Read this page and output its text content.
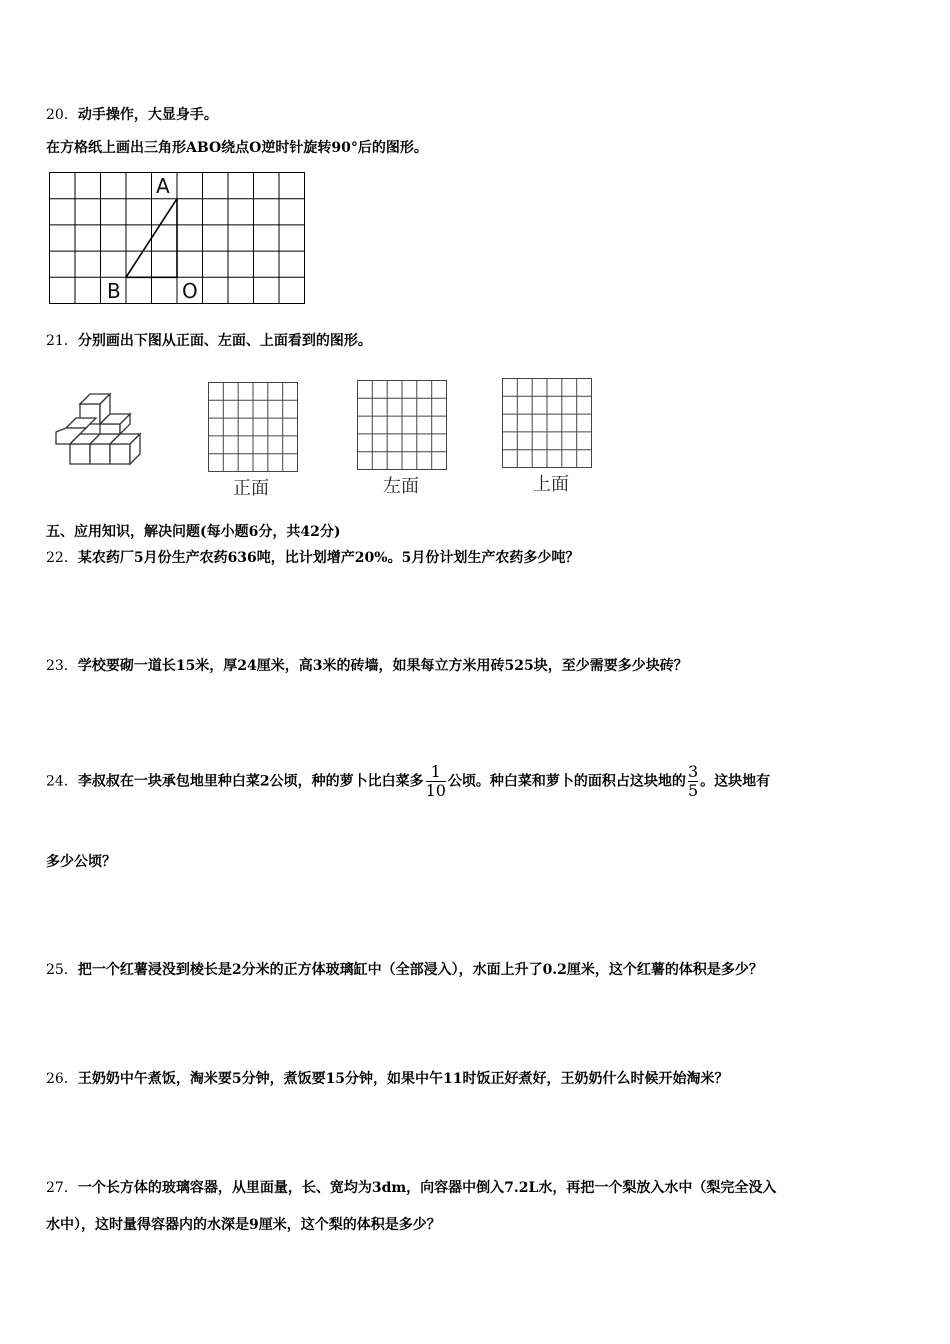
20．动手操作，大显身手。
在方格纸上画出三角形ABO绕点O逆时针旋转90°后的图形。
A
B	O
21．分别画出下图从正面、左面、上面看到的图形。
正面	左面	上面
五、应用知识，解决问题(每小题6分，共42分)
22．某农药厂5月份生产农药636吨，比计划增产20%。5月份计划生产农药多少吨？
23．学校要砌一道长15米，厚24厘米，高3米的砖墙，如果每立方米用砖525块，至少需要多少块砖？
24．李叔叔在一块承包地里种白菜2公顷，种的萝卜比白菜多 $\frac{1}{10}$ 公顷。种白菜和萝卜的面积占这块地的 $\frac{3}{5}$ 。这块地有
多少公顷？
25．把一个红薯浸没到棱长是2分米的正方体玻璃缸中（全部浸入），水面上升了0.2厘米，这个红薯的体积是多少？
26．王奶奶中午煮饭，淘米要5分钟，煮饭要15分钟，如果中午11时饭正好煮好，王奶奶什么时候开始淘米？
27．一个长方体的玻璃容器，从里面量，长、宽均为3dm，向容器中倒入7.2L水，再把一个梨放入水中（梨完全没入
水中），这时量得容器内的水深是9厘米，这个梨的体积是多少？
